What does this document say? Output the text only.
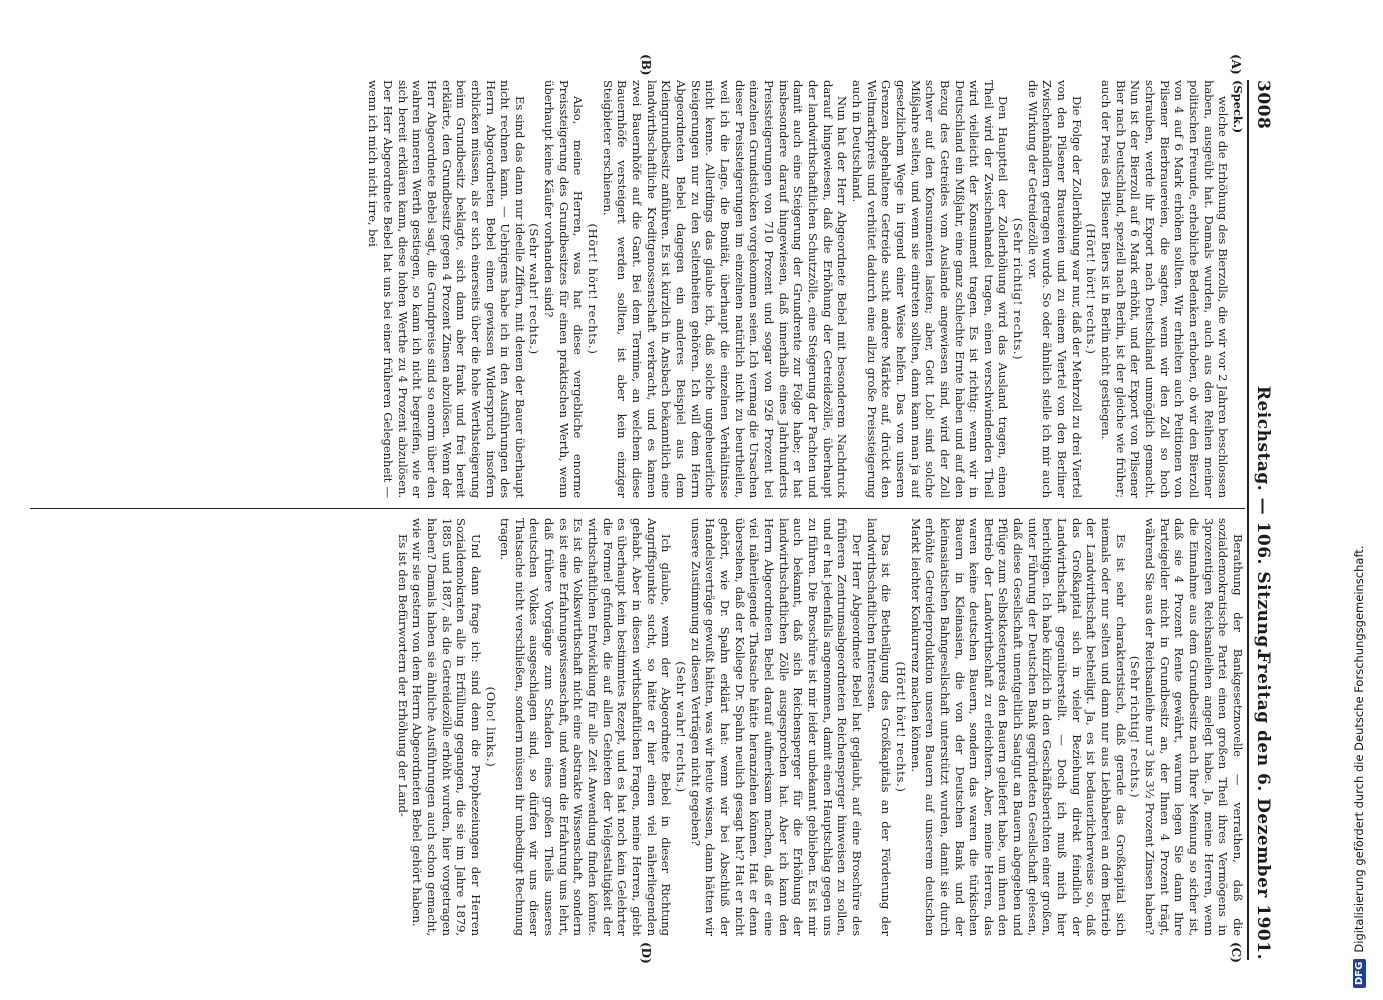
3008
Reichstag. — 106. Sitzung.
Freitag den 6. Dezember 1901.
(A)
(B)
(C)
(D)

(Speck.)

welche die Erhöhung des Bierzolls, die wir vor 2 Jahren beschlossen haben, ausgeübt hat. Damals wurden, auch aus den Reihen meiner politischen Freunde, erhebliche Bedenken erhoben, ob wir den Bierzoll von 4 auf 6 Mark erhöhen sollten. Wir erhielten auch Petitionen von Pilsener Bierbrauereien, die sagten, wenn wir den Zoll so hoch schrauben, werde ihr Export nach Deutschland unmöglich gemacht. Nun ist der Bierzoll auf 6 Mark erhöht, und der Export von Pilsener Bier nach Deutschland, speziell nach Berlin, ist der gleiche wie früher; auch der Preis des Pilsener Biers ist in Berlin nicht gestiegen.

(Hört! hört! rechts.)

Die Folge der Zollerhöhung war nur, daß der Mehrzoll zu drei Viertel von den Pilsener Brauereien und zu einem Viertel von den Berliner Zwischenhändlern getragen wurde. So oder ähnlich stelle ich mir auch die Wirkung der Getreidezölle vor.

(Sehr richtig! rechts.)

Den Hauptteil der Zollerhöhung wird das Ausland tragen, einen Theil wird der Zwischenhandel tragen, einen verschwindenden Theil wird vielleicht der Konsument tragen. Es ist richtig: wenn wir in Deutschland ein Mißjahr, eine ganz schlechte Ernte haben und auf den Bezug des Getreides vom Auslande angewiesen sind, wird der Zoll schwer auf den Konsumenten lasten; aber, Gott Lob! sind solche Mißjahre selten, und wenn sie eintreten sollten, dann kann man ja auf gesetzlichem Wege in irgend einer Weise helfen. Das von unseren Grenzen abgehaltene Getreide sucht andere Märkte auf, drückt den Weltmarktpreis und verhütet dadurch eine allzu große Preissteigerung auch in Deutschland.

Nun hat der Herr Abgeordnete Bebel mit besonderem Nachdruck darauf hingewiesen, daß die Erhöhung der Getreidezölle, überhaupt der landwirthschaftlichen Schutzzölle, eine Steigerung der Pachten und damit auch eine Steigerung der Grundrente zur Folge habe; er hat insbesondere darauf hingewiesen, daß innerhalb eines Jahrhunderts Preissteigerungen von 710 Prozent und sogar von 926 Prozent bei einzelnen Grundstücken vorgekommen seien. Ich vermag die Ursachen dieser Preissteigerungen im einzelnen natürlich nicht zu beurtheilen, weil ich die Lage, die Bonität, überhaupt die einzelnen Verhältnisse nicht kenne. Allerdings das glaube ich, daß solche ungeheuerliche Steigerungen nur zu den Seltenheiten gehören. Ich will dem Herrn Abgeordneten Bebel dagegen ein anderes Beispiel aus dem Kleingrundbesitz anführen. Es ist kürzlich in Ansbach bekanntlich eine landwirthschaftliche Kreditgenossenschaft verkracht, und es kamen zwei Bauernhöfe auf die Gant. Bei dem Termine, an welchem diese Bauernhöfe versteigert werden sollten, ist aber kein einziger Steigbieter erschienen.

(Hört! hört! rechts.)

Also, meine Herren, was hat diese vergebliche enorme Preissteigerung des Grundbesitzes für einen praktischen Werth, wenn überhaupt keine Käufer vorhanden sind?

(Sehr wahr! rechts.)

Es sind das dann nur ideelle Ziffern, mit denen der Bauer überhaupt nicht rechnen kann. — Uebrigens habe ich in den Ausführungen des Herrn Abgeordneten Bebel einen gewissen Widerspruch insofern erblicken müssen, als er sich einerseits über die hohe Werthsteigerung beim Grundbesitz beklagte, sich dann aber frank und frei bereit erklärte, den Grundbesitz gegen 4 Prozent Zinsen abzulösen. Wenn der Herr Abgeordnete Bebel sagt, die Grundpreise sind so enorm über den wahren inneren Werth gestiegen, so kann ich nicht begreifen, wie er sich bereit erklären kann, diese hohen Werthe zu 4 Prozent abzulösen. Der Herr Abgeordnete Bebel hat uns bei einer früheren Gelegenheit — wenn ich mich nicht irre, bei

Berathung der Bankgesetznovelle — verrathen, daß die sozialdemokratische Partei einen großen Theil ihres Vermögens in 3prozentigen Reichsanleihen angelegt habe. Ja, meine Herren, wenn die Einnahme aus dem Grundbesitz nach Ihrer Meinung so sicher ist, daß sie 4 Prozent Rente gewährt, warum legen Sie dann Ihre Parteigelder nicht in Grundbesitz an, der Ihnen 4 Prozent trägt, während Sie aus der Reichsanleihe nur 3 bis 3½ Prozent Zinsen haben?

(Sehr richtig! rechts.)

Es ist sehr charakteristisch, daß gerade das Großkapital sich niemals oder nur selten und dann nur aus Liebhaberei an dem Betrieb der Landwirthschaft betheiligt. Ja, es ist bedauerlicherweise so, daß das Großkapital sich in vieler Beziehung direkt feindlich der Landwirthschaft gegenüberstellt. — Doch ich muß mich hier berichtigen. Ich habe kürzlich in den Geschäftsberichten einer großen, unter Führung der Deutschen Bank gegründeten Gesellschaft gelesen, daß diese Gesellschaft unentgeltlich Saatgut an Bauern abgegeben und Pflüge zum Selbstkostenpreis den Bauern geliefert habe, um ihnen den Betrieb der Landwirthschaft zu erleichtern. Aber, meine Herren, das waren keine deutschen Bauern, sondern das waren die türkischen Bauern in Kleinasien, die von der Deutschen Bank und der kleinasiatischen Bahngesellschaft unterstützt wurden, damit sie durch erhöhte Getreideproduktion unseren Bauern auf unserem deutschen Markt leichter Konkurrenz machen können.

(Hört! hört! rechts.)

Das ist die Betheiligung des Großkapitals an der Förderung der landwirthschaftlichen Interessen.

Der Herr Abgeordnete Bebel hat geglaubt, auf eine Broschüre des früheren Zentrumsabgeordneten Reichensperger hinweisen zu sollen, und er hat jedenfalls angenommen, damit einen Hauptschlag gegen uns zu führen. Die Broschüre ist mir leider unbekannt geblieben. Es ist mir auch bekannt, daß sich Reichensperger für die Erhöhung der landwirthschaftlichen Zölle ausgesprochen hat. Aber ich kann den Herrn Abgeordneten Bebel darauf aufmerksam machen, daß er eine viel näherliegende Thatsache hätte heranziehen können. Hat er denn übersehen, daß der Kollege Dr. Spahn neulich gesagt hat? Hat er nicht gehört, wie Dr. Spahn erklärt hat: wenn wir bei Abschluß der Handelsverträge gewußt hätten, was wir heute wissen, dann hätten wir unsere Zustimmung zu diesen Verträgen nicht gegeben?

(Sehr wahr! rechts.)

Ich glaube, wenn der Abgeordnete Bebel in dieser Richtung Angriffspunkte sucht, so hätte er hier einen viel näherliegenden gehabt. Aber in diesen wirthschaftlichen Fragen, meine Herren, giebt es überhaupt kein bestimmtes Rezept, und es hat noch kein Gelehrter die Formel gefunden, die auf allen Gebieten der Vielgestaltigkeit der wirthschaftlichen Entwicklung für alle Zeit Anwendung finden könnte. Es ist die Volkswirthschaft nicht eine abstrakte Wissenschaft, sondern es ist eine Erfahrungswissenschaft, und wenn die Erfahrung uns lehrt, daß frühere Vorgänge zum Schaden eines großen Theils unseres deutschen Volkes ausgeschlagen sind, so dürfen wir uns dieser Thatsache nicht verschließen, sondern müssen ihr unbedingt Rechnung tragen.

(Oho! links.)

Und dann frage ich: sind denn die Prophezeiungen der Herren Sozialdemokraten alle in Erfüllung gegangen, die sie im Jahre 1879, 1885 und 1887, als die Getreidezölle erhöht wurden, hier vorgetragen haben? Damals haben sie ähnliche Ausführungen auch schon gemacht, wie wir sie gestern von dem Herrn Abgeordneten Bebel gehört haben.

Es ist den Befürwortern der Erhöhung der Land-

DFG
Digitalisierung gefördert durch die Deutsche Forschungsgemeinschaft.
